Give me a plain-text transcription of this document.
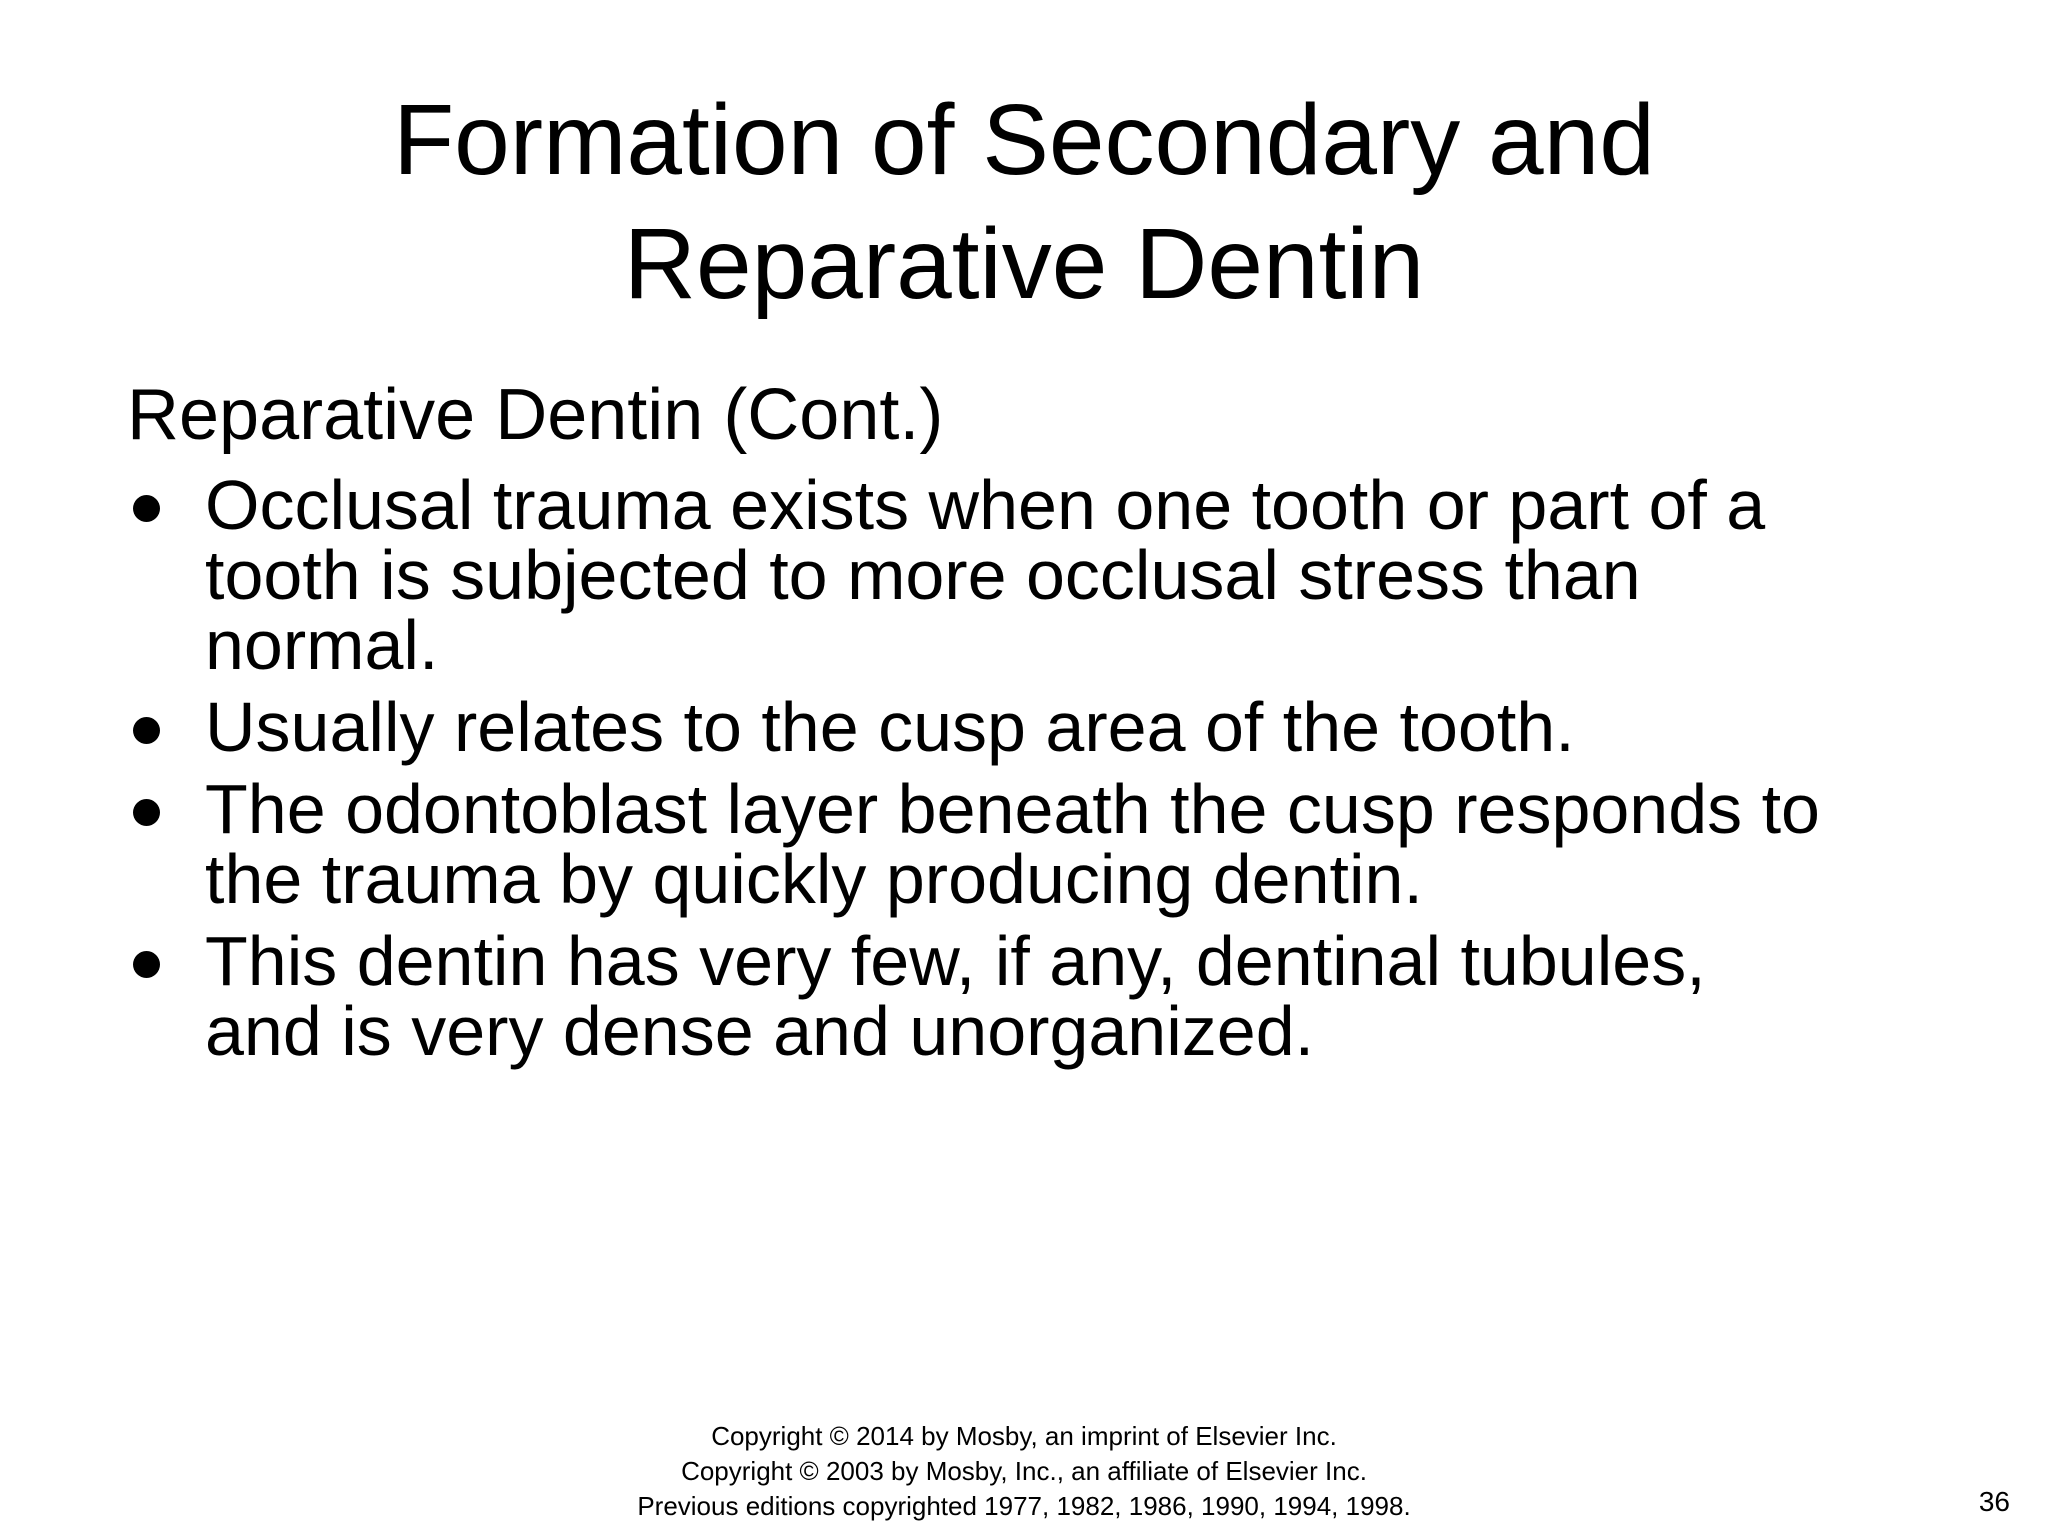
Formation of Secondary and
Reparative Dentin
Reparative Dentin (Cont.)
Occlusal trauma exists when one tooth or part of a
tooth is subjected to more occlusal stress than
normal.
Usually relates to the cusp area of the tooth.
The odontoblast layer beneath the cusp responds to
the trauma by quickly producing dentin.
This dentin has very few, if any, dentinal tubules,
and is very dense and unorganized.
Copyright © 2014 by Mosby, an imprint of Elsevier Inc.
Copyright © 2003 by Mosby, Inc., an affiliate of Elsevier Inc.
Previous editions copyrighted 1977, 1982, 1986, 1990, 1994, 1998.	36
